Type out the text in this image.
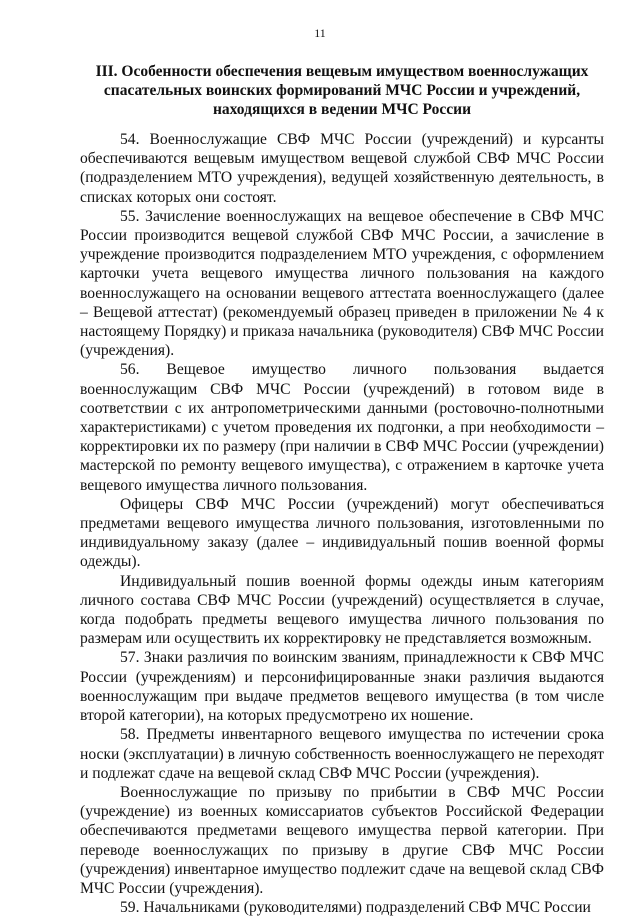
11
III. Особенности обеспечения вещевым имуществом военнослужащих
спасательных воинских формирований МЧС России и учреждений,
находящихся в ведении МЧС России

54. Военнослужащие СВФ МЧС России (учреждений) и курсанты обеспечиваются вещевым имуществом вещевой службой СВФ МЧС России (подразделением МТО учреждения), ведущей хозяйственную деятельность, в списках которых они состоят.

55. Зачисление военнослужащих на вещевое обеспечение в СВФ МЧС России производится вещевой службой СВФ МЧС России, а зачисление в учреждение производится подразделением МТО учреждения, с оформлением карточки учета вещевого имущества личного пользования на каждого военнослужащего на основании вещевого аттестата военнослужащего (далее – Вещевой аттестат) (рекомендуемый образец приведен в приложении № 4 к настоящему Порядку) и приказа начальника (руководителя) СВФ МЧС России (учреждения).

56. Вещевое имущество личного пользования выдается военнослужащим СВФ МЧС России (учреждений) в готовом виде в соответствии с их антропометрическими данными (ростовочно-полнотными характеристиками) с учетом проведения их подгонки, а при необходимости – корректировки их по размеру (при наличии в СВФ МЧС России (учреждении) мастерской по ремонту вещевого имущества), с отражением в карточке учета вещевого имущества личного пользования.

Офицеры СВФ МЧС России (учреждений) могут обеспечиваться предметами вещевого имущества личного пользования, изготовленными по индивидуальному заказу (далее – индивидуальный пошив военной формы одежды).

Индивидуальный пошив военной формы одежды иным категориям личного состава СВФ МЧС России (учреждений) осуществляется в случае, когда подобрать предметы вещевого имущества личного пользования по размерам или осуществить их корректировку не представляется возможным.

57. Знаки различия по воинским званиям, принадлежности к СВФ МЧС России (учреждениям) и персонифицированные знаки различия выдаются военнослужащим при выдаче предметов вещевого имущества (в том числе второй категории), на которых предусмотрено их ношение.

58. Предметы инвентарного вещевого имущества по истечении срока носки (эксплуатации) в личную собственность военнослужащего не переходят и подлежат сдаче на вещевой склад СВФ МЧС России (учреждения).

Военнослужащие по призыву по прибытии в СВФ МЧС России (учреждение) из военных комиссариатов субъектов Российской Федерации обеспечиваются предметами вещевого имущества первой категории. При переводе военнослужащих по призыву в другие СВФ МЧС России (учреждения) инвентарное имущество подлежит сдаче на вещевой склад СВФ МЧС России (учреждения).

59. Начальниками (руководителями) подразделений СВФ МЧС России
